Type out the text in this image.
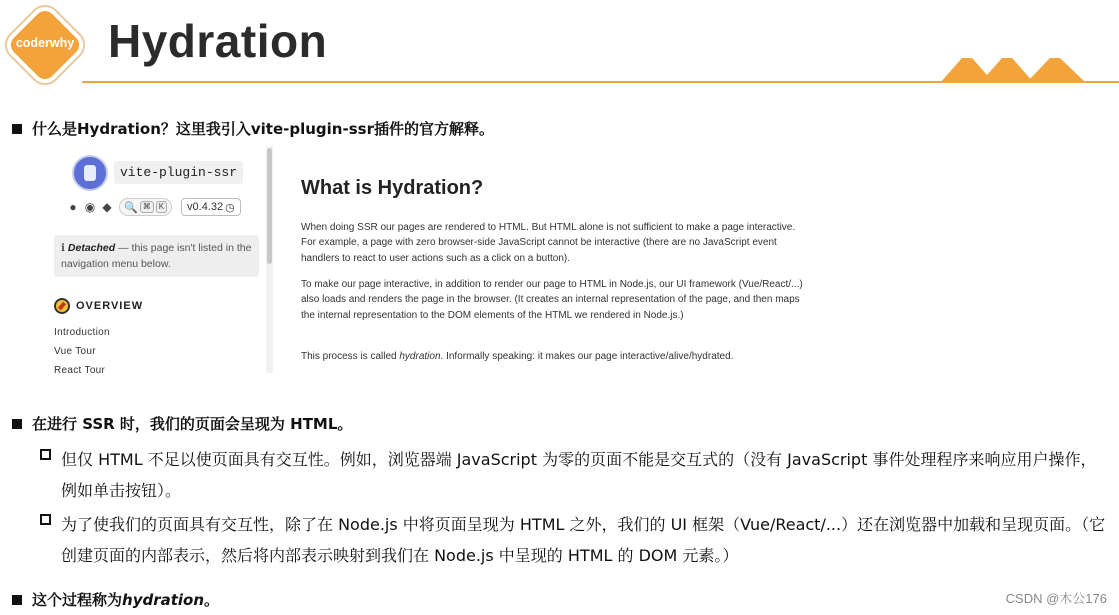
coderwhy Hydration
什么是Hydration？这里我引入vite-plugin-ssr插件的官方解释。
vite-plugin-ssr
● ◉ ◆ 🔍 ⌘	K v0.4.32 ◷
ℹ Detached — this page isn't listed in the navigation menu below.
OVERVIEW
Introduction
Vue Tour
React Tour
What is Hydration?
When doing SSR our pages are rendered to HTML. But HTML alone is not sufficient to make a page interactive. For example, a page with zero browser-side JavaScript cannot be interactive (there are no JavaScript event handlers to react to user actions such as a click on a button).
To make our page interactive, in addition to render our page to HTML in Node.js, our UI framework (Vue/React/...) also loads and renders the page in the browser. (It creates an internal representation of the page, and then maps the internal representation to the DOM elements of the HTML we rendered in Node.js.)
This process is called hydration. Informally speaking: it makes our page interactive/alive/hydrated.
在进行 SSR 时，我们的页面会呈现为 HTML。
但仅 HTML 不足以使页面具有交互性。例如，浏览器端 JavaScript 为零的页面不能是交互式的（没有 JavaScript 事件处理程序来响应用户操作，例如单击按钮）。
为了使我们的页面具有交互性，除了在 Node.js 中将页面呈现为 HTML 之外，我们的 UI 框架（Vue/React/...）还在浏览器中加载和呈现页面。（它创建页面的内部表示，然后将内部表示映射到我们在 Node.js 中呈现的 HTML 的 DOM 元素。）
这个过程称为 hydration 。	CSDN @木公176
